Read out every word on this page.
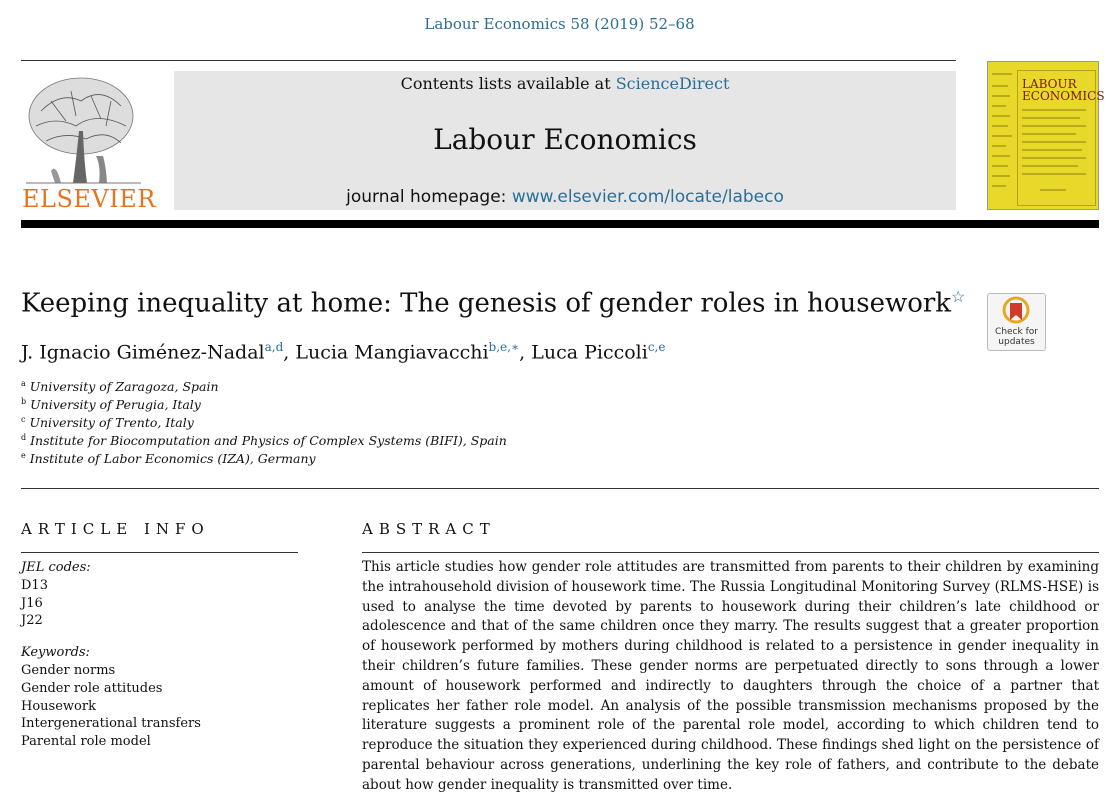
Labour Economics 58 (2019) 52–68
ELSEVIER
Contents lists available at ScienceDirect
Labour Economics
journal homepage: www.elsevier.com/locate/labeco
LABOUR
ECONOMICS
Keeping inequality at home: The genesis of gender roles in housework☆
Check for updates
J. Ignacio Giménez-Nadal$^{a,d}$, Lucia Mangiavacchi$^{b,e,∗}$, Luca Piccoli$^{c,e}$
$^a$ University of Zaragoza, Spain
$^b$ University of Perugia, Italy
$^c$ University of Trento, Italy
$^d$ Institute for Biocomputation and Physics of Complex Systems (BIFI), Spain
$^e$ Institute of Labor Economics (IZA), Germany
ARTICLE INFO	ABSTRACT
JEL codes:
D13
J16
J22
Keywords:
Gender norms
Gender role attitudes
Housework
Intergenerational transfers
Parental role model
This article studies how gender role attitudes are transmitted from parents to their children by examining the intrahousehold division of housework time. The Russia Longitudinal Monitoring Survey (RLMS-HSE) is used to analyse the time devoted by parents to housework during their children’s late childhood or adolescence and that of the same children once they marry. The results suggest that a greater proportion of housework performed by mothers during childhood is related to a persistence in gender inequality in their children’s future families. These gender norms are perpetuated directly to sons through a lower amount of housework performed and indirectly to daughters through the choice of a partner that replicates her father role model. An analysis of the possible transmission mechanisms proposed by the literature suggests a prominent role of the parental role model, according to which children tend to reproduce the situation they experienced during childhood. These findings shed light on the persistence of parental behaviour across generations, underlining the key role of fathers, and contribute to the debate about how gender inequality is transmitted over time.
